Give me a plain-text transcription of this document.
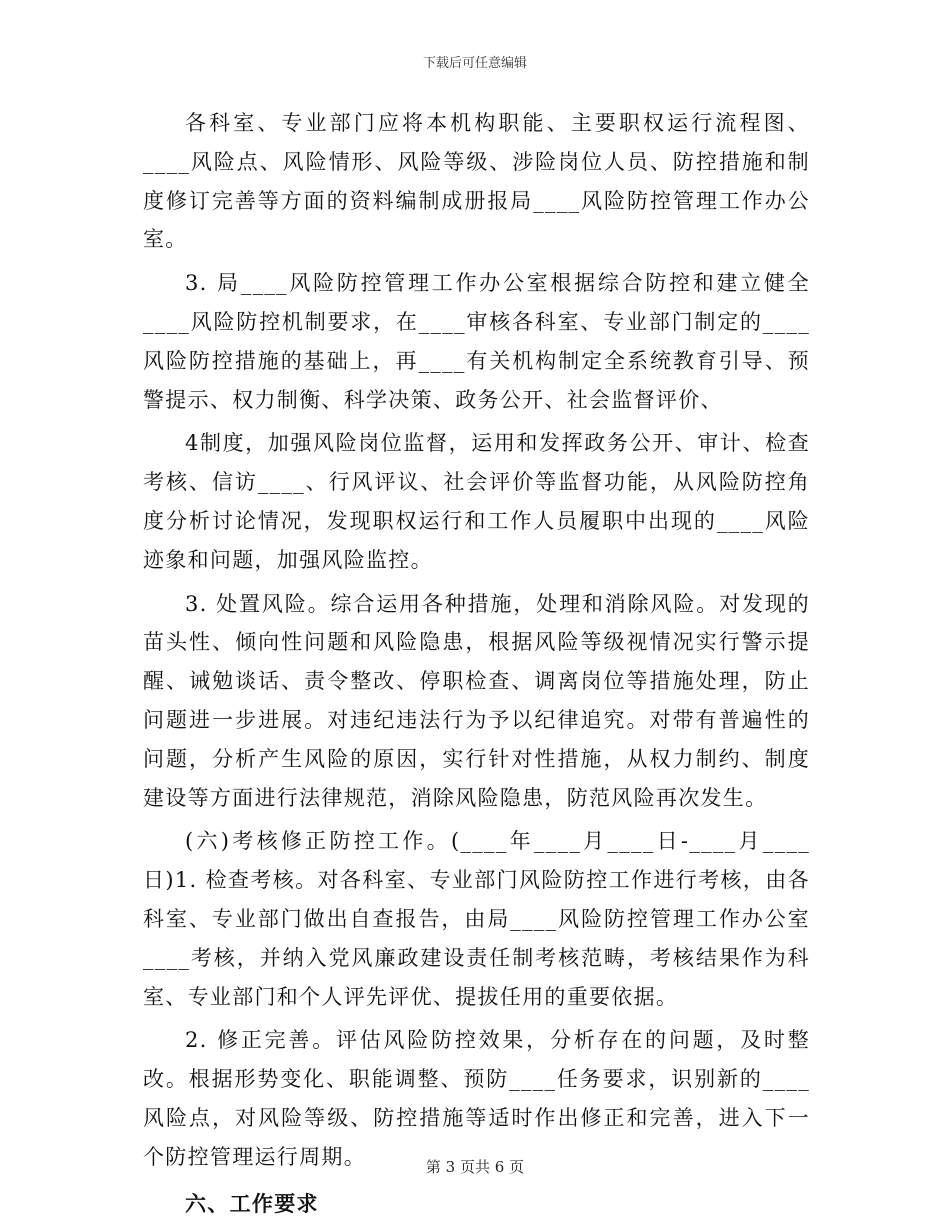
下载后可任意编辑

各科室、专业部门应将本机构职能、主要职权运行流程图、____风险点、风险情形、风险等级、涉险岗位人员、防控措施和制度修订完善等方面的资料编制成册报局____风险防控管理工作办公室。

3. 局____风险防控管理工作办公室根据综合防控和建立健全____风险防控机制要求，在____审核各科室、专业部门制定的____风险防控措施的基础上，再____有关机构制定全系统教育引导、预警提示、权力制衡、科学决策、政务公开、社会监督评价、

4制度，加强风险岗位监督，运用和发挥政务公开、审计、检查考核、信访____、行风评议、社会评价等监督功能，从风险防控角度分析讨论情况，发现职权运行和工作人员履职中出现的____风险迹象和问题，加强风险监控。

3. 处置风险。综合运用各种措施，处理和消除风险。对发现的苗头性、倾向性问题和风险隐患，根据风险等级视情况实行警示提醒、诫勉谈话、责令整改、停职检查、调离岗位等措施处理，防止问题进一步进展。对违纪违法行为予以纪律追究。对带有普遍性的问题，分析产生风险的原因，实行针对性措施，从权力制约、制度建设等方面进行法律规范，消除风险隐患，防范风险再次发生。

(六)考核修正防控工作。(____年____月____日-____月____日)1. 检查考核。对各科室、专业部门风险防控工作进行考核，由各科室、专业部门做出自查报告，由局____风险防控管理工作办公室____考核，并纳入党风廉政建设责任制考核范畴，考核结果作为科室、专业部门和个人评先评优、提拔任用的重要依据。

2. 修正完善。评估风险防控效果，分析存在的问题，及时整改。根据形势变化、职能调整、预防____任务要求，识别新的____风险点，对风险等级、防控措施等适时作出修正和完善，进入下一个防控管理运行周期。

六、工作要求

第 3 页共 6 页
